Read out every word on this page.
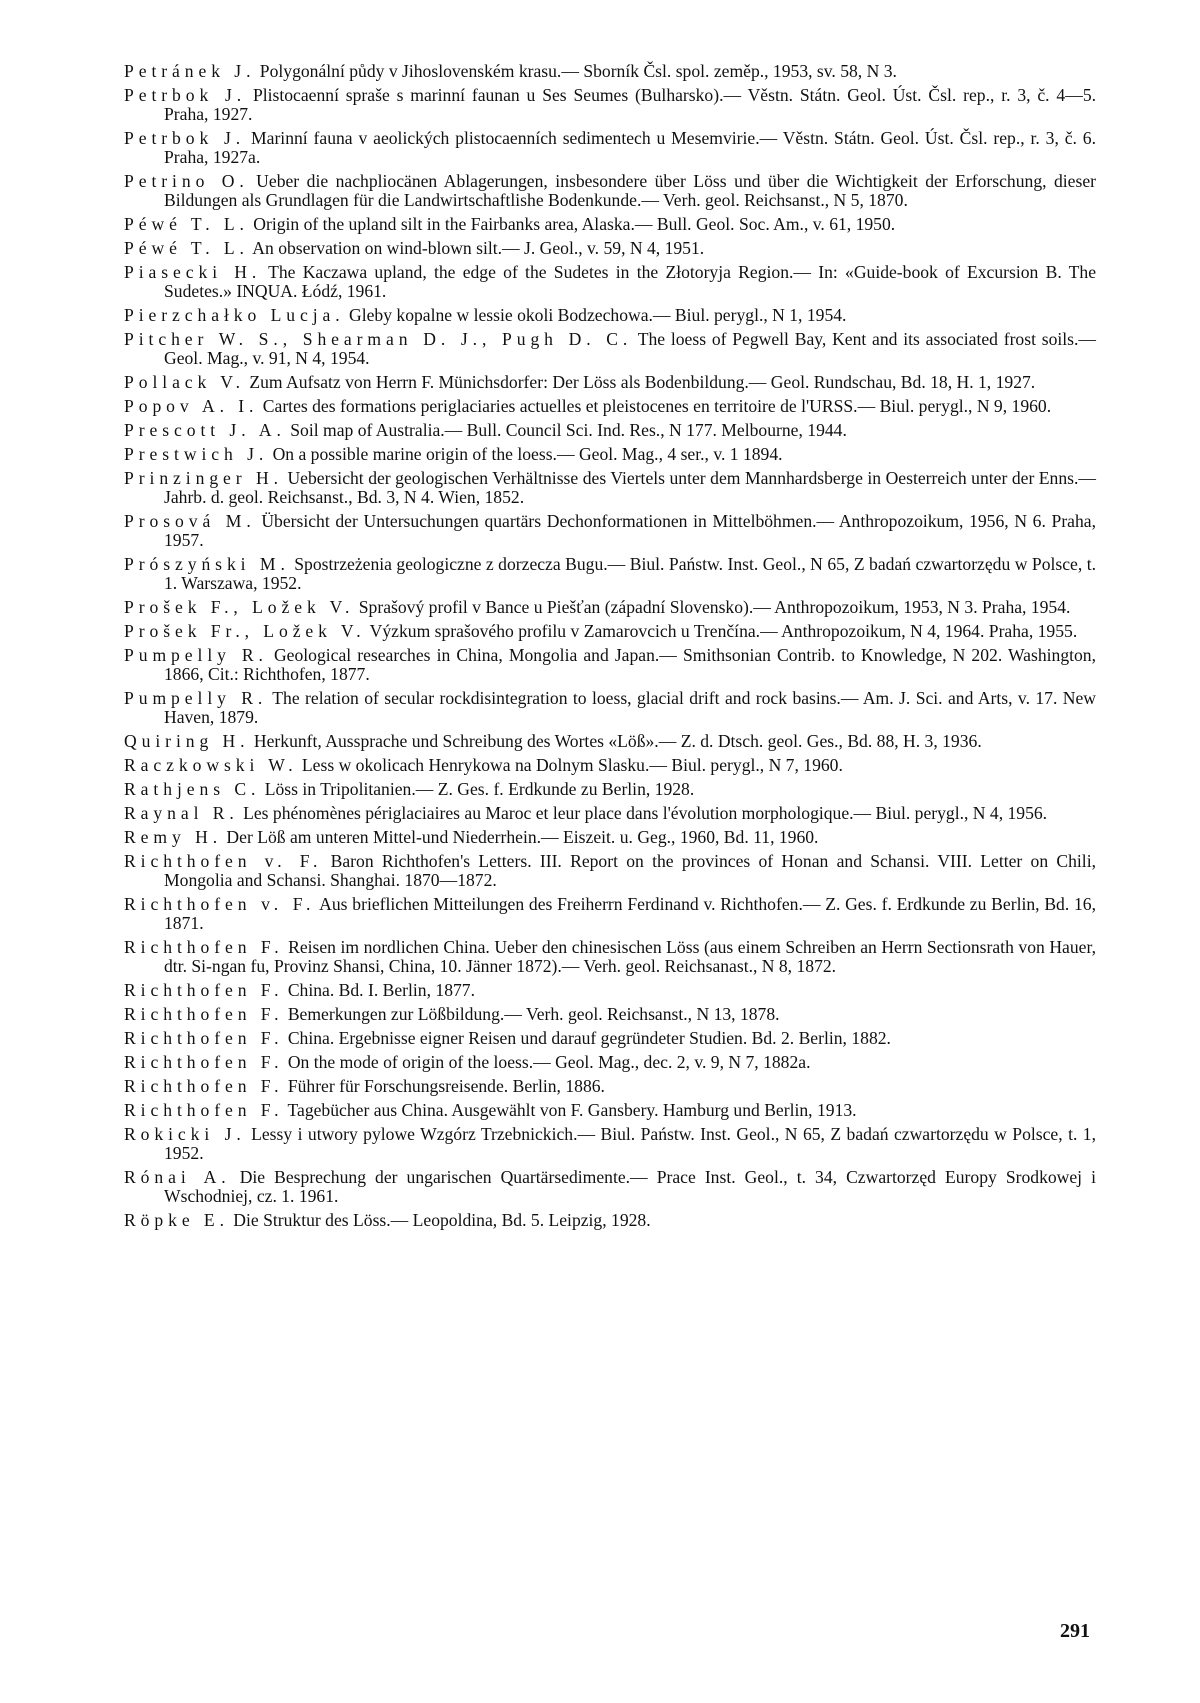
Petránek J. Polygonální půdy v Jihoslovenském krasu.— Sborník Čsl. spol. zeměp., 1953, sv. 58, N 3.

Petrbok J. Plistocaenní spraše s marinní faunan u Ses Seumes (Bulharsko).— Věstn. Státn. Geol. Úst. Čsl. rep., r. 3, č. 4—5. Praha, 1927.

Petrbok J. Marinní fauna v aeolických plistocaenních sedimentech u Mesemvirie.— Věstn. Státn. Geol. Úst. Čsl. rep., r. 3, č. 6. Praha, 1927a.

Petrino O. Ueber die nachpliocänen Ablagerungen, insbesondere über Löss und über die Wichtigkeit der Erforschung, dieser Bildungen als Grundlagen für die Landwirtschaftlishe Bodenkunde.— Verh. geol. Reichsanst., N 5, 1870.

Péwé T. L. Origin of the upland silt in the Fairbanks area, Alaska.— Bull. Geol. Soc. Am., v. 61, 1950.

Péwé T. L. An observation on wind-blown silt.— J. Geol., v. 59, N 4, 1951.

Piasecki H. The Kaczawa upland, the edge of the Sudetes in the Złotoryja Region.— In: «Guide-book of Excursion B. The Sudetes.» INQUA. Łódź, 1961.

Pierzchałko Lucja. Gleby kopalne w lessie okoli Bodzechowa.— Biul. perygl., N 1, 1954.

Pitcher W. S., Shearman D. J., Pugh D. C. The loess of Pegwell Bay, Kent and its associated frost soils.— Geol. Mag., v. 91, N 4, 1954.

Pollack V. Zum Aufsatz von Herrn F. Münichsdorfer: Der Löss als Bodenbildung.— Geol. Rundschau, Bd. 18, H. 1, 1927.

Popov A. I. Cartes des formations periglaciaries actuelles et pleistocenes en territoire de l'URSS.— Biul. perygl., N 9, 1960.

Prescott J. A. Soil map of Australia.— Bull. Council Sci. Ind. Res., N 177. Melbourne, 1944.

Prestwich J. On a possible marine origin of the loess.— Geol. Mag., 4 ser., v. 1 1894.

Prinzinger H. Uebersicht der geologischen Verhältnisse des Viertels unter dem Mannhardsberge in Oesterreich unter der Enns.— Jahrb. d. geol. Reichsanst., Bd. 3, N 4. Wien, 1852.

Prosová M. Übersicht der Untersuchungen quartärs Dechonformationen in Mittelböhmen.— Anthropozoikum, 1956, N 6. Praha, 1957.

Prószyński M. Spostrzeżenia geologiczne z dorzecza Bugu.— Biul. Państw. Inst. Geol., N 65, Z badań czwartorzędu w Polsce, t. 1. Warszawa, 1952.

Prošek F., Ložek V. Sprašový profil v Bance u Piešťan (západní Slovensko).— Anthropozoikum, 1953, N 3. Praha, 1954.

Prošek Fr., Ložek V. Výzkum sprašového profilu v Zamarovcich u Trenčína.— Anthropozoikum, N 4, 1964. Praha, 1955.

Pumpelly R. Geological researches in China, Mongolia and Japan.— Smithsonian Contrib. to Knowledge, N 202. Washington, 1866, Cit.: Richthofen, 1877.

Pumpelly R. The relation of secular rockdisintegration to loess, glacial drift and rock basins.— Am. J. Sci. and Arts, v. 17. New Haven, 1879.

Quiring H. Herkunft, Aussprache und Schreibung des Wortes «Löß».— Z. d. Dtsch. geol. Ges., Bd. 88, H. 3, 1936.

Raczkowski W. Less w okolicach Henrykowa na Dolnym Slasku.— Biul. perygl., N 7, 1960.

Rathjens C. Löss in Tripolitanien.— Z. Ges. f. Erdkunde zu Berlin, 1928.

Raynal R. Les phénomènes périglaciaires au Maroc et leur place dans l'évolution morphologique.— Biul. perygl., N 4, 1956.

Remy H. Der Löß am unteren Mittel-und Niederrhein.— Eiszeit. u. Geg., 1960, Bd. 11, 1960.

Richthofen v. F. Baron Richthofen's Letters. III. Report on the provinces of Honan and Schansi. VIII. Letter on Chili, Mongolia and Schansi. Shanghai. 1870—1872.

Richthofen v. F. Aus brieflichen Mitteilungen des Freiherrn Ferdinand v. Richthofen.— Z. Ges. f. Erdkunde zu Berlin, Bd. 16, 1871.

Richthofen F. Reisen im nordlichen China. Ueber den chinesischen Löss (aus einem Schreiben an Herrn Sectionsrath von Hauer, dtr. Si-ngan fu, Provinz Shansi, China, 10. Jänner 1872).— Verh. geol. Reichsanast., N 8, 1872.

Richthofen F. China. Bd. I. Berlin, 1877.

Richthofen F. Bemerkungen zur Lößbildung.— Verh. geol. Reichsanst., N 13, 1878.

Richthofen F. China. Ergebnisse eigner Reisen und darauf gegründeter Studien. Bd. 2. Berlin, 1882.

Richthofen F. On the mode of origin of the loess.— Geol. Mag., dec. 2, v. 9, N 7, 1882a.

Richthofen F. Führer für Forschungsreisende. Berlin, 1886.

Richthofen F. Tagebücher aus China. Ausgewählt von F. Gansbery. Hamburg und Berlin, 1913.

Rokicki J. Lessy i utwory pylowe Wzgórz Trzebnickich.— Biul. Państw. Inst. Geol., N 65, Z badań czwartorzędu w Polsce, t. 1, 1952.

Rónai A. Die Besprechung der ungarischen Quartärsedimente.— Prace Inst. Geol., t. 34, Czwartorzęd Europy Srodkowej i Wschodniej, cz. 1. 1961.

Röpke E. Die Struktur des Löss.— Leopoldina, Bd. 5. Leipzig, 1928.

291
